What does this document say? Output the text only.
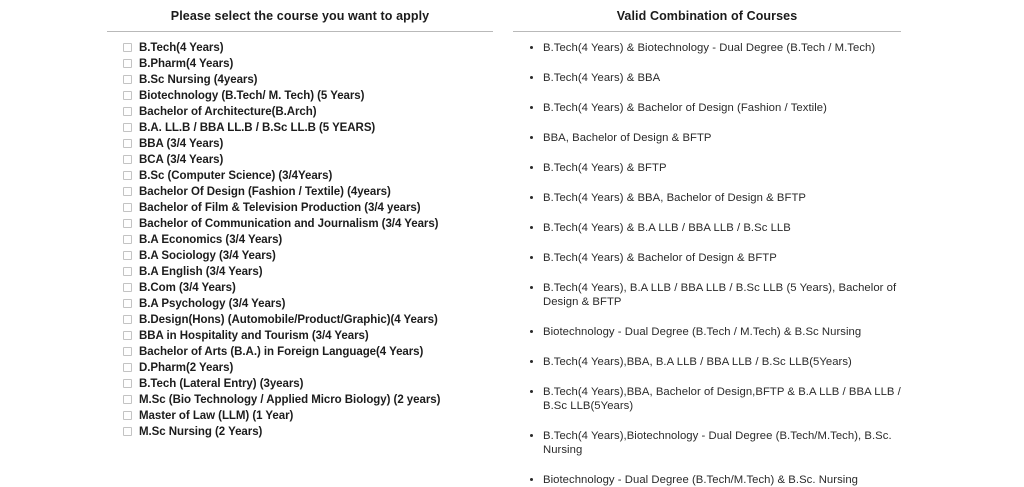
Please select the course you want to apply
B.Tech(4 Years)
B.Pharm(4 Years)
B.Sc Nursing (4years)
Biotechnology (B.Tech/ M. Tech) (5 Years)
Bachelor of Architecture(B.Arch)
B.A. LL.B / BBA LL.B / B.Sc LL.B (5 YEARS)
BBA (3/4 Years)
BCA (3/4 Years)
B.Sc (Computer Science) (3/4Years)
Bachelor Of Design (Fashion / Textile) (4years)
Bachelor of Film & Television Production (3/4 years)
Bachelor of Communication and Journalism (3/4 Years)
B.A Economics (3/4 Years)
B.A Sociology (3/4 Years)
B.A English (3/4 Years)
B.Com (3/4 Years)
B.A Psychology (3/4 Years)
B.Design(Hons) (Automobile/Product/Graphic)(4 Years)
BBA in Hospitality and Tourism (3/4 Years)
Bachelor of Arts (B.A.) in Foreign Language(4 Years)
D.Pharm(2 Years)
B.Tech (Lateral Entry) (3years)
M.Sc (Bio Technology / Applied Micro Biology) (2 years)
Master of Law (LLM) (1 Year)
M.Sc Nursing (2 Years)
Valid Combination of Courses
B.Tech(4 Years) & Biotechnology - Dual Degree (B.Tech / M.Tech)
B.Tech(4 Years) & BBA
B.Tech(4 Years) & Bachelor of Design (Fashion / Textile)
BBA, Bachelor of Design & BFTP
B.Tech(4 Years) & BFTP
B.Tech(4 Years) & BBA, Bachelor of Design & BFTP
B.Tech(4 Years) & B.A LLB / BBA LLB / B.Sc LLB
B.Tech(4 Years) & Bachelor of Design & BFTP
B.Tech(4 Years), B.A LLB / BBA LLB / B.Sc LLB (5 Years), Bachelor of Design & BFTP
Biotechnology - Dual Degree (B.Tech / M.Tech) & B.Sc Nursing
B.Tech(4 Years),BBA, B.A LLB / BBA LLB / B.Sc LLB(5Years)
B.Tech(4 Years),BBA, Bachelor of Design,BFTP & B.A LLB / BBA LLB / B.Sc LLB(5Years)
B.Tech(4 Years),Biotechnology - Dual Degree (B.Tech/M.Tech), B.Sc. Nursing
Biotechnology - Dual Degree (B.Tech/M.Tech) & B.Sc. Nursing
